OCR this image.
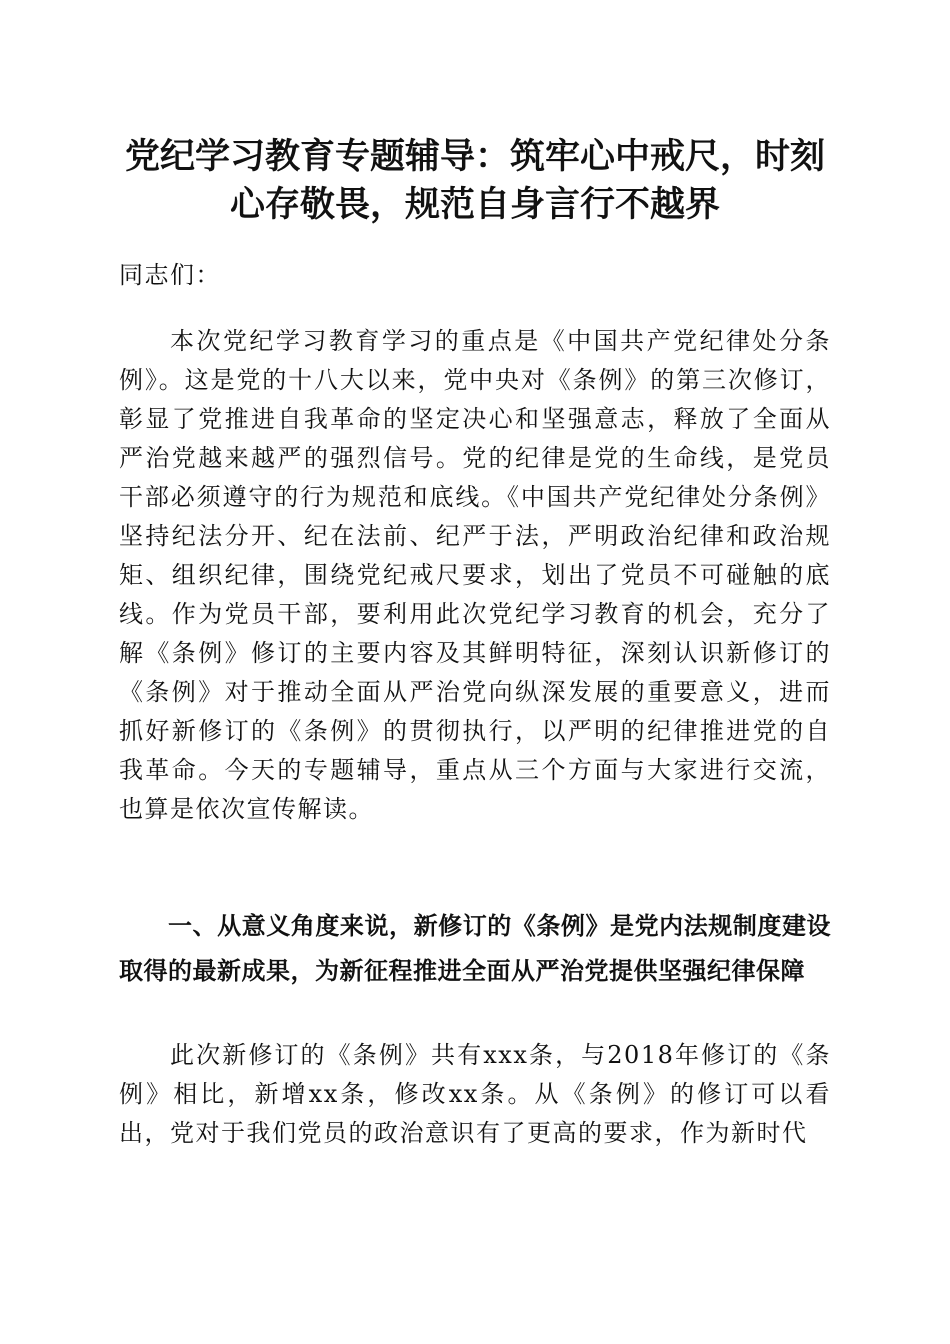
党纪学习教育专题辅导：筑牢心中戒尺，时刻
心存敬畏，规范自身言行不越界

同志们：

本次党纪学习教育学习的重点是《中国共产党纪律处分条例》。这是党的十八大以来，党中央对《条例》的第三次修订，彰显了党推进自我革命的坚定决心和坚强意志，释放了全面从严治党越来越严的强烈信号。党的纪律是党的生命线，是党员干部必须遵守的行为规范和底线。《中国共产党纪律处分条例》坚持纪法分开、纪在法前、纪严于法，严明政治纪律和政治规矩、组织纪律，围绕党纪戒尺要求，划出了党员不可碰触的底线。作为党员干部，要利用此次党纪学习教育的机会，充分了解《条例》修订的主要内容及其鲜明特征，深刻认识新修订的《条例》对于推动全面从严治党向纵深发展的重要意义，进而抓好新修订的《条例》的贯彻执行，以严明的纪律推进党的自我革命。今天的专题辅导，重点从三个方面与大家进行交流，也算是依次宣传解读。

一、从意义角度来说，新修订的《条例》是党内法规制度建设取得的最新成果，为新征程推进全面从严治党提供坚强纪律保障

此次新修订的《条例》共有xxx条，与2018年修订的《条例》相比，新增xx条，修改xx条。从《条例》的修订可以看出，党对于我们党员的政治意识有了更高的要求，作为新时代
